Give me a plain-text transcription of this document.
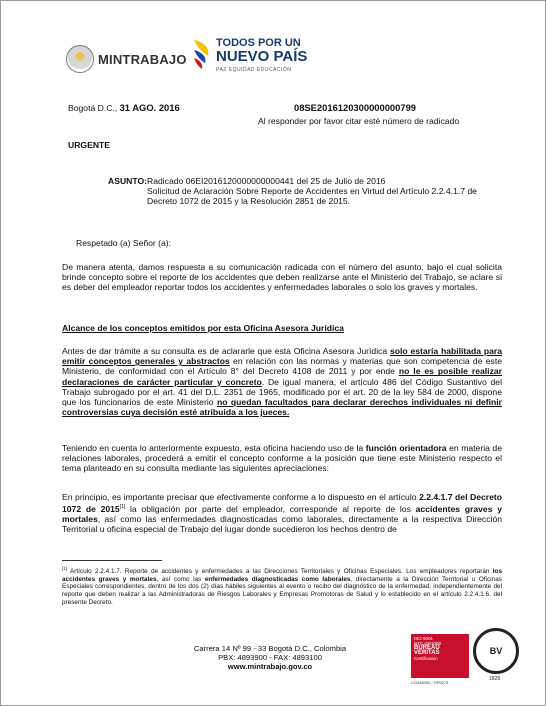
MINTRABAJO
TODOS POR UN
NUEVO PAÍS
PAZ EQUIDAD EDUCACIÓN
Bogotá D.C., 31 AGO. 2016	08SE2016120300000000799
Al responder por favor citar esté número de radicado
URGENTE
ASUNTO: Radicado 06EI2016120000000000441 del 25 de Julio de 2016
Solicitud de Aclaración Sobre Reporte de Accidentes en Virtud del Artículo 2.2.4.1.7 de
Decreto 1072 de 2015 y la Resolución 2851 de 2015.
Respetado (a) Señor (a):
De manera atenta, damos respuesta a su comunicación radicada con el número del asunto, bajo el cual solicita brinde concepto sobre el reporte de los accidentes que deben realizarse ante el Ministerio del Trabajo, se aclare si es deber del empleador reportar todos los accidentes y enfermedades laborales o solo los graves y mortales.
Alcance de los conceptos emitidos por esta Oficina Asesora Jurídica
Antes de dar trámite a su consulta es de aclararle que esta Oficina Asesora Jurídica solo estaría habilitada para emitir conceptos generales y abstractos en relación con las normas y materias que son competencia de este Ministerio, de conformidad con el Artículo 8° del Decreto 4108 de 2011 y por ende no le es posible realizar declaraciones de carácter particular y concreto. De igual manera, el artículo 486 del Código Sustantivo del Trabajo subrogado por el art. 41 del D.L. 2351 de 1965, modificado por el art. 20 de la ley 584 de 2000, dispone que los funcionarios de este Ministerio no quedan facultados para declarar derechos individuales ni definir controversias cuya decisión esté atribuida a los jueces.
Teniendo en cuenta lo anteriormente expuesto, esta oficina haciendo uso de la función orientadora en materia de relaciones laborales, procederá a emitir el concepto conforme a la posición que tiene este Ministerio respecto el tema planteado en su consulta mediante las siguientes apreciaciones:
En principio, es importante precisar que efectivamente conforme a lo dispuesto en el artículo 2.2.4.1.7 del Decreto 1072 de 2015[1] la obligación por parte del empleador, corresponde al reporte de los accidentes graves y mortales, así como las enfermedades diagnosticadas como laborales, directamente a la respectiva Dirección Territorial u oficina especial de Trabajo del lugar donde sucedieron los hechos dentro de
[1] Artículo 2.2.4.1.7. Reporte de accidentes y enfermedades a las Direcciones Territoriales y Oficinas Especiales. Los empleadores reportarán los accidentes graves y mortales, así como las enfermedades diagnosticadas como laborales, directamente a la Dirección Territorial u Oficinas Especiales correspondientes, dentro de los dos (2) días hábiles siguientes al evento o recibo del diagnóstico de la enfermedad, independientemente del reporte que deben realizar a las Administradoras de Riesgos Laborales y Empresas Promotoras de Salud y lo establecido en el artículo 2.2.4.1.6. del presente Decreto.
Carrera 14 Nº 99 - 33 Bogotá D.C., Colombia
PBX: 4893900 - FAX: 4893100
www.mintrabajo.gov.co
ISO 9001
NTC GP1000
BUREAU VERITAS
Certification
BV
CO245092 / GP0273
1828
